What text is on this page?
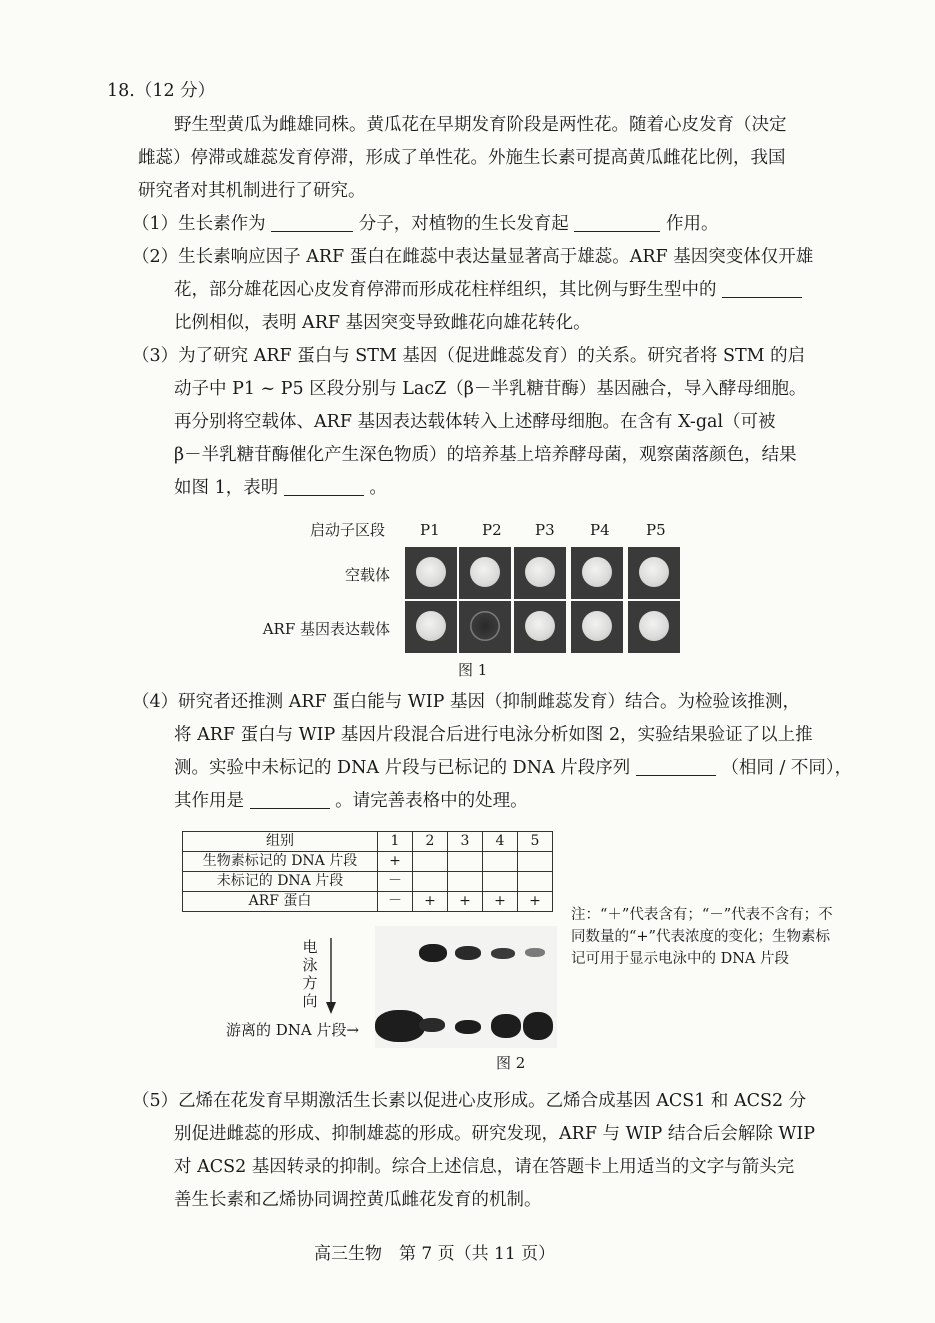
18.（12 分）
野生型黄瓜为雌雄同株。黄瓜花在早期发育阶段是两性花。随着心皮发育（决定
雌蕊）停滞或雄蕊发育停滞，形成了单性花。外施生长素可提高黄瓜雌花比例，我国
研究者对其机制进行了研究。
（1）生长素作为	分子，对植物的生长发育起	作用。
（2）生长素响应因子 ARF 蛋白在雌蕊中表达量显著高于雄蕊。ARF 基因突变体仅开雄
花，部分雄花因心皮发育停滞而形成花柱样组织，其比例与野生型中的
比例相似，表明 ARF 基因突变导致雌花向雄花转化。
（3）为了研究 ARF 蛋白与 STM 基因（促进雌蕊发育）的关系。研究者将 STM 的启
动子中 P1 ~ P5 区段分别与 LacZ（β－半乳糖苷酶）基因融合，导入酵母细胞。
再分别将空载体、ARF 基因表达载体转入上述酵母细胞。在含有 X-gal（可被
β－半乳糖苷酶催化产生深色物质）的培养基上培养酵母菌，观察菌落颜色，结果
如图 1，表明	。
启动子区段 P1	P2 P3 P4 P5
空载体
ARF 基因表达载体
图 1
（4）研究者还推测 ARF 蛋白能与 WIP 基因（抑制雌蕊发育）结合。为检验该推测，
将 ARF 蛋白与 WIP 基因片段混合后进行电泳分析如图 2，实验结果验证了以上推
测。实验中未标记的 DNA 片段与已标记的 DNA 片段序列	（相同 / 不同），
其作用是	。请完善表格中的处理。
组别	1	2	3	4	5
生物素标记的 DNA 片段	+				
未标记的 DNA 片段	－				
ARF 蛋白	－	+	+	+	+
注：“＋”代表含有；“－”代表不含有；不同数量的“+”代表浓度的变化；生物素标记可用于显示电泳中的 DNA 片段
电泳方向
游离的 DNA 片段→
图 2
（5）乙烯在花发育早期激活生长素以促进心皮形成。乙烯合成基因 ACS1 和 ACS2 分
别促进雌蕊的形成、抑制雄蕊的形成。研究发现，ARF 与 WIP 结合后会解除 WIP
对 ACS2 基因转录的抑制。综合上述信息，请在答题卡上用适当的文字与箭头完
善生长素和乙烯协同调控黄瓜雌花发育的机制。
高三生物　第 7 页（共 11 页）
